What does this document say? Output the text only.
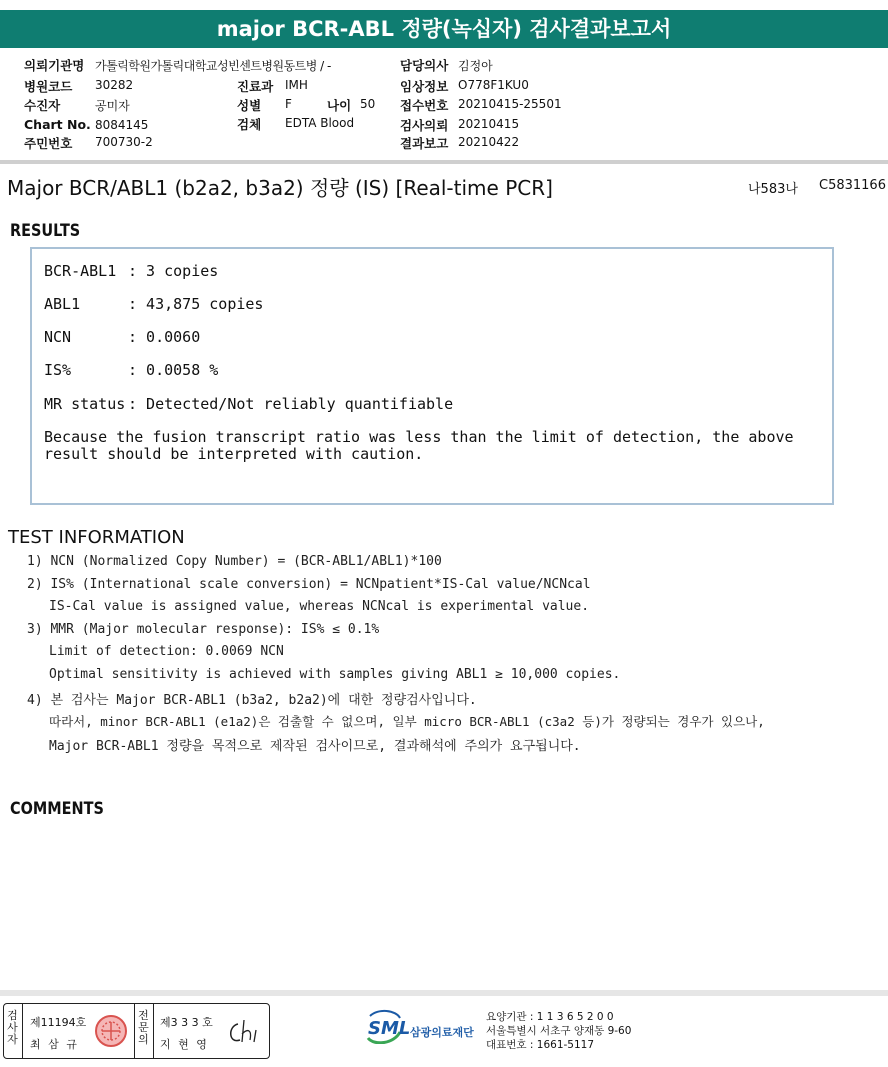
major BCR-ABL 정량(녹십자) 검사결과보고서
의뢰기관명 가톨릭학원가톨릭대학교성빈센트병원동트병 / -
병원코드 30282
수진자	공미자
Chart No. 8084145
주민번호 700730-2
진료과 IMH
성별 F	나이 50
검체 EDTA Blood
담당의사 김정아
임상정보 O778F1KU0
접수번호 20210415-25501
검사의뢰 20210415
결과보고 20210422
Major BCR/ABL1 (b2a2, b3a2) 정량 (IS) [Real-time PCR]	나583나 C5831166
RESULTS
BCR-ABL1 : 3 copies
ABL1	: 43,875 copies
NCN	: 0.0060
IS%	: 0.0058 %
MR status : Detected/Not reliably quantifiable
Because the fusion transcript ratio was less than the limit of detection, the above result should be interpreted with caution.
TEST INFORMATION
1) NCN (Normalized Copy Number) = (BCR-ABL1/ABL1)*100
2) IS% (International scale conversion) = NCNpatient*IS-Cal value/NCNcal
IS-Cal value is assigned value, whereas NCNcal is experimental value.
3) MMR (Major molecular response): IS% ≤ 0.1%
Limit of detection: 0.0069 NCN
Optimal sensitivity is achieved with samples giving ABL1 ≥ 10,000 copies.
4) 본 검사는 Major BCR-ABL1 (b3a2, b2a2)에 대한 정량검사입니다.
따라서, minor BCR-ABL1 (e1a2)은 검출할 수 없으며, 일부 micro BCR-ABL1 (c3a2 등)가 정량되는 경우가 있으나,
Major BCR-ABL1 정량을 목적으로 제작된 검사이므로, 결과해석에 주의가 요구됩니다.
COMMENTS
검사자
제11194호
최 삼 규
전문의
제3 3 3 호
지 현 영
SML 삼광의료재단
요양기관 : 1 1 3 6 5 2 0 0
서울특별시 서초구 양재동 9-60
대표번호 : 1661-5117
